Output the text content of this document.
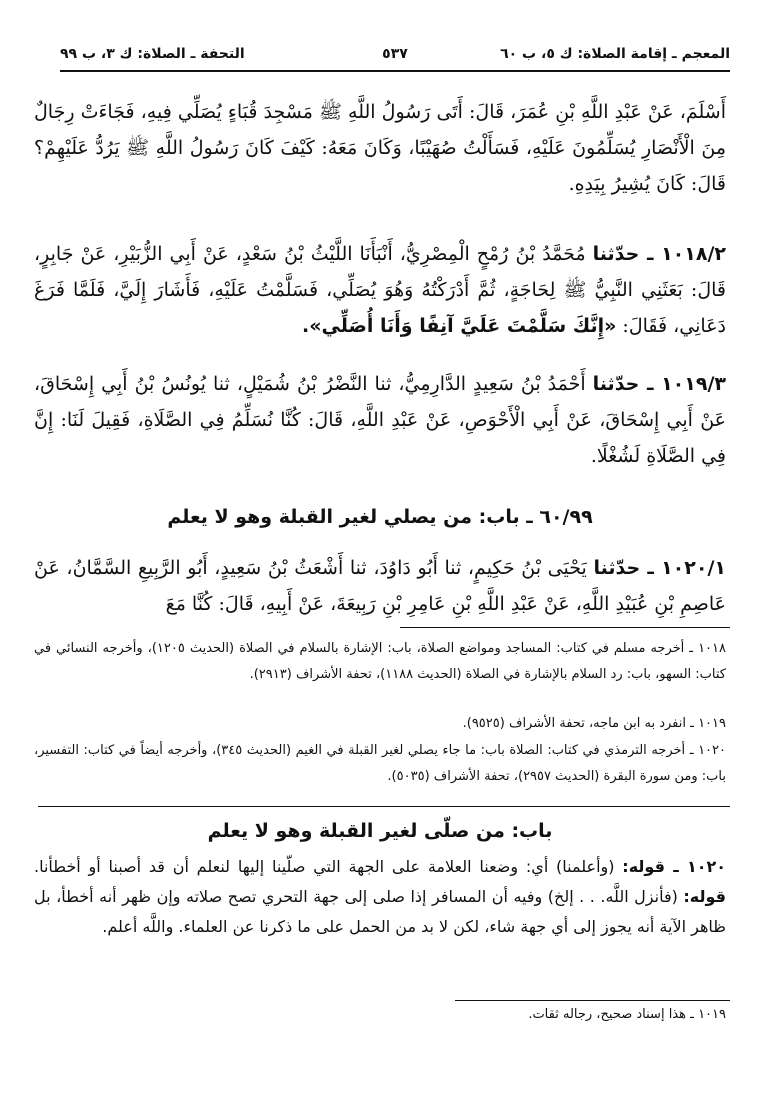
المعجم ـ إقامة الصلاة: ك ٥، ب ٦٠
٥٣٧
التحفة ـ الصلاة: ك ٣، ب ٩٩
أَسْلَمَ، عَنْ عَبْدِ اللَّهِ بْنِ عُمَرَ، قَالَ: أَتَى رَسُولُ اللَّهِ ﷺ مَسْجِدَ قُبَاءٍ يُصَلِّي فِيهِ، فَجَاءَتْ رِجَالٌ مِنَ الْأَنْصَارِ يُسَلِّمُونَ عَلَيْهِ، فَسَأَلْتُ صُهَيْبًا، وَكَانَ مَعَهُ: كَيْفَ كَانَ رَسُولُ اللَّهِ ﷺ يَرُدُّ عَلَيْهِمْ؟ قَالَ: كَانَ يُشِيرُ بِيَدِهِ.
١٠١٨/٢ ـ حدّثنا مُحَمَّدُ بْنُ رُمْحٍ الْمِصْرِيُّ، أَنْبَأَنَا اللَّيْثُ بْنُ سَعْدٍ، عَنْ أَبِي الزُّبَيْرِ، عَنْ جَابِرٍ، قَالَ: بَعَثَنِي النَّبِيُّ ﷺ لِحَاجَةٍ، ثُمَّ أَدْرَكْتُهُ وَهُوَ يُصَلِّي، فَسَلَّمْتُ عَلَيْهِ، فَأَشَارَ إِلَيَّ، فَلَمَّا فَرَغَ دَعَانِي، فَقَالَ: «إِنَّكَ سَلَّمْتَ عَلَيَّ آنِفًا وَأَنَا أُصَلِّي».
١٠١٩/٣ ـ حدّثنا أَحْمَدُ بْنُ سَعِيدٍ الدَّارِمِيُّ، ثنا النَّضْرُ بْنُ شُمَيْلٍ، ثنا يُونُسُ بْنُ أَبِي إِسْحَاقَ، عَنْ أَبِي إِسْحَاقَ، عَنْ أَبِي الْأَحْوَصِ، عَنْ عَبْدِ اللَّهِ، قَالَ: كُنَّا نُسَلِّمُ فِي الصَّلَاةِ، فَقِيلَ لَنَا: إِنَّ فِي الصَّلَاةِ لَشُغْلًا.
٦٠/٩٩ ـ باب: من يصلي لغير القبلة وهو لا يعلم
١٠٢٠/١ ـ حدّثنا يَحْيَى بْنُ حَكِيمٍ، ثنا أَبُو دَاوُدَ، ثنا أَشْعَثُ بْنُ سَعِيدٍ، أَبُو الرَّبِيعِ السَّمَّانُ، عَنْ عَاصِمِ بْنِ عُبَيْدِ اللَّهِ، عَنْ عَبْدِ اللَّهِ بْنِ عَامِرِ بْنِ رَبِيعَةَ، عَنْ أَبِيهِ، قَالَ: كُنَّا مَعَ
١٠١٨ ـ أخرجه مسلم في كتاب: المساجد ومواضع الصلاة، باب: الإشارة بالسلام في الصلاة (الحديث ١٢٠٥)، وأخرجه النسائي في كتاب: السهو، باب: رد السلام بالإشارة في الصلاة (الحديث ١١٨٨)، تحفة الأشراف (٢٩١٣).
١٠١٩ ـ انفرد به ابن ماجه، تحفة الأشراف (٩٥٢٥).
١٠٢٠ ـ أخرجه الترمذي في كتاب: الصلاة باب: ما جاء يصلي لغير القبلة في الغيم (الحديث ٣٤٥)، وأخرجه أيضاً في كتاب: التفسير، باب: ومن سورة البقرة (الحديث ٢٩٥٧)، تحفة الأشراف (٥٠٣٥).
باب: من صلّى لغير القبلة وهو لا يعلم
١٠٢٠ ـ قوله: (وأعلمنا) أي: وضعنا العلامة على الجهة التي صلّينا إليها لنعلم أن قد أصبنا أو أخطأنا. قوله: (فأنزل اللَّه. . . إلخ) وفيه أن المسافر إذا صلى إلى جهة التحري تصح صلاته وإن ظهر أنه أخطأ، بل ظاهر الآية أنه يجوز إلى أي جهة شاء، لكن لا بد من الحمل على ما ذكرنا عن العلماء. واللَّه أعلم.
١٠١٩ ـ هذا إسناد صحيح، رجاله ثقات.
